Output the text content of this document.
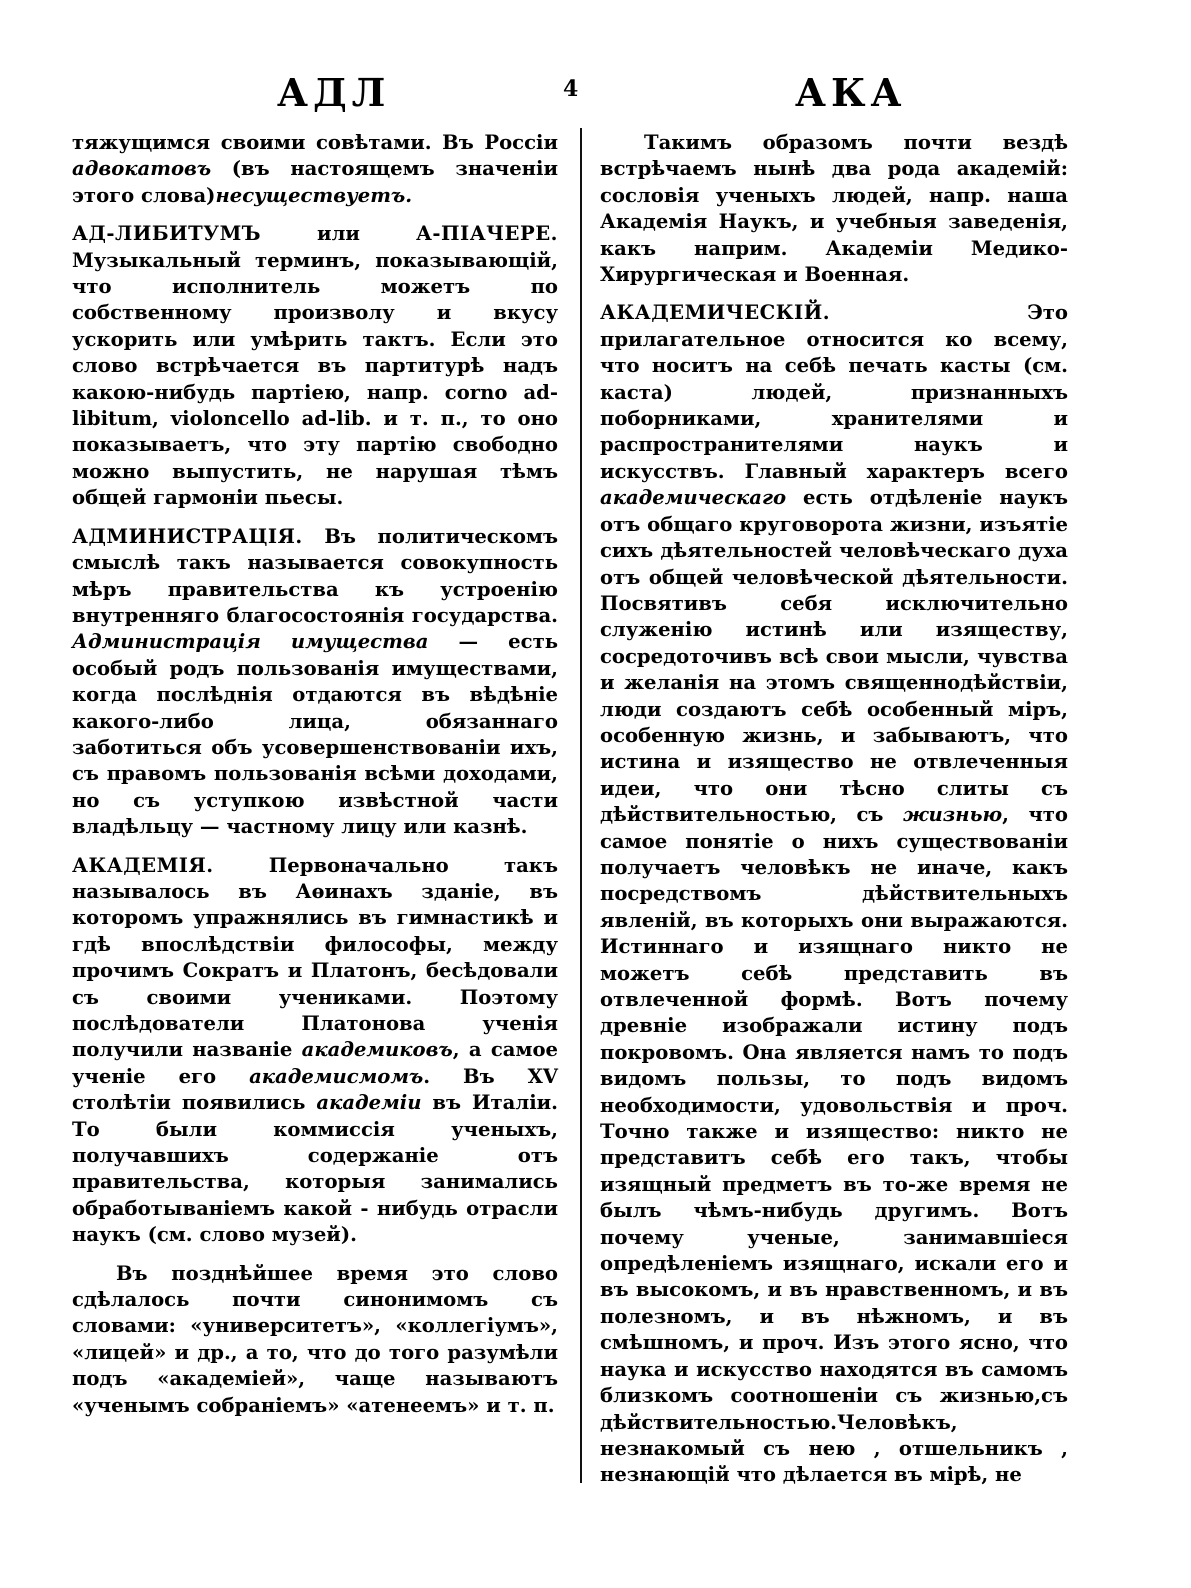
АДЛ	4	АКА

тяжущимся своими совѣтами. Въ Россіи адвокатовъ (въ настоящемъ значеніи этого слова)несуществуетъ.

АД-ЛИБИТУМЪ или А-ПІАЧЕРЕ. Музыкальный терминъ, показывающій, что исполнитель можетъ по собственному произволу и вкусу ускорить или умѣрить тактъ. Если это слово встрѣчается въ партитурѣ надъ какою-нибудь партіею, напр. corno ad-libitum, violoncello ad-lib. и т. п., то оно показываетъ, что эту партію свободно можно выпустить, не нарушая тѣмъ общей гармоніи пьесы.

АДМИНИСТРАЦІЯ. Въ политическомъ смыслѣ такъ называется совокупность мѣръ правительства къ устроенію внутренняго благосостоянія государства. Администрація имущества — есть особый родъ пользованія имуществами, когда послѣднія отдаются въ вѣдѣніе какого-либо лица, обязаннаго заботиться объ усовершенствованіи ихъ, съ правомъ пользованія всѣми доходами, но съ уступкою извѣстной части владѣльцу — частному лицу или казнѣ.

АКАДЕМІЯ. Первоначально такъ называлось въ Аѳинахъ зданіе, въ которомъ упражнялись въ гимнастикѣ и гдѣ впослѣдствіи философы, между прочимъ Сократъ и Платонъ, бесѣдовали съ своими учениками. Поэтому послѣдователи Платонова ученія получили названіе академиковъ, а самое ученіе его академисмомъ. Въ XV столѣтіи появились академіи въ Италіи. То были коммиссія ученыхъ, получавшихъ содержаніе отъ правительства, которыя занимались обработываніемъ какой - нибудь отрасли наукъ (см. слово музей).

Въ позднѣйшее время это слово сдѣлалось почти синонимомъ съ словами: «университетъ», «коллегіумъ», «лицей» и др., а то, что до того разумѣли подъ «академіей», чаще называютъ «ученымъ собраніемъ» «атенеемъ» и т. п.

Такимъ образомъ почти вездѣ встрѣчаемъ нынѣ два рода академій: сословія ученыхъ людей, напр. наша Академія Наукъ, и учебныя заведенія, какъ наприм. Академіи Медико-Хирургическая и Военная.

АКАДЕМИЧЕСКІЙ. Это прилагательное относится ко всему, что носитъ на себѣ печать касты (см. каста) людей, признанныхъ поборниками, хранителями и распространителями наукъ и искусствъ. Главный характеръ всего академическаго есть отдѣленіе наукъ отъ общаго круговорота жизни, изъятіе сихъ дѣятельностей человѣческаго духа отъ общей человѣческой дѣятельности. Посвятивъ себя исключительно служенію истинѣ или изяществу, сосредоточивъ всѣ свои мысли, чувства и желанія на этомъ священнодѣйствіи, люди создаютъ себѣ особенный міръ, особенную жизнь, и забываютъ, что истина и изящество не отвлеченныя идеи, что они тѣсно слиты съ дѣйствительностью, съ жизнью, что самое понятіе о нихъ существованіи получаетъ человѣкъ не иначе, какъ посредствомъ дѣйствительныхъ явленій, въ которыхъ они выражаются. Истиннаго и изящнаго никто не можетъ себѣ представить въ отвлеченной формѣ. Вотъ почему древніе изображали истину подъ покровомъ. Она является намъ то подъ видомъ пользы, то подъ видомъ необходимости, удовольствія и проч. Точно также и изящество: никто не представитъ себѣ его такъ, чтобы изящный предметъ въ то-же время не былъ чѣмъ-нибудь другимъ. Вотъ почему ученые, занимавшіеся опредѣленіемъ изящнаго, искали его и въ высокомъ, и въ нравственномъ, и въ полезномъ, и въ нѣжномъ, и въ смѣшномъ, и проч. Изъ этого ясно, что наука и искусство находятся въ самомъ близкомъ соотношеніи съ жизнью,съ дѣйствительностью.Человѣкъ, незнакомый съ нею , отшельникъ , незнающій что дѣлается въ мірѣ, не
